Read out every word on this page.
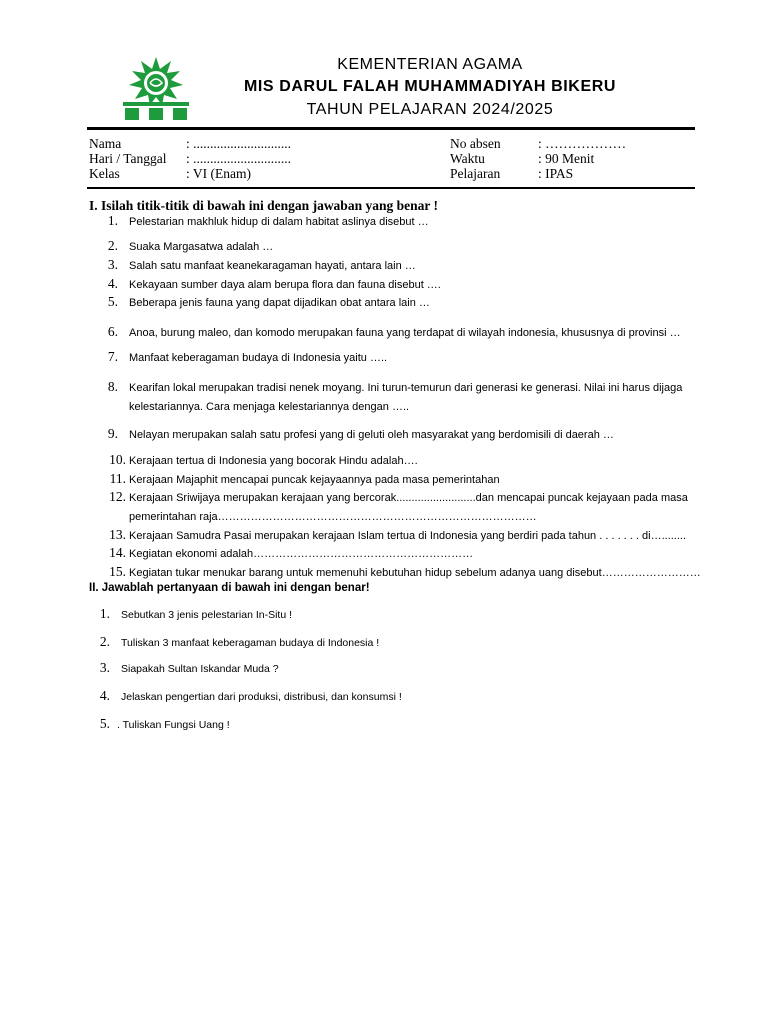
KEMENTERIAN AGAMA
MIS DARUL FALAH MUHAMMADIYAH BIKERU
TAHUN PELAJARAN 2024/2025
Nama	: .............................
Hari / Tanggal : .............................
Kelas	: VI (Enam)
No absen	: ………………
Waktu	: 90 Menit
Pelajaran	: IPAS
I. Isilah titik-titik di bawah ini dengan jawaban yang benar !
1. Pelestarian makhluk hidup di dalam habitat aslinya disebut …
2. Suaka Margasatwa adalah …
3. Salah satu manfaat keanekaragaman hayati, antara lain …
4. Kekayaan sumber daya alam berupa flora dan fauna disebut ….
5. Beberapa jenis fauna yang dapat dijadikan obat antara lain …
6. Anoa, burung maleo, dan komodo merupakan fauna yang terdapat di wilayah indonesia, khususnya di provinsi …
7. Manfaat keberagaman budaya di Indonesia yaitu …..
8. Kearifan lokal merupakan tradisi nenek moyang. Ini turun-temurun dari generasi ke generasi. Nilai ini harus dijaga kelestariannya. Cara menjaga kelestariannya dengan …..
9. Nelayan merupakan salah satu profesi yang di geluti oleh masyarakat yang berdomisili di daerah …
10. Kerajaan tertua di Indonesia yang bocorak Hindu adalah….
11. Kerajaan Majaphit mencapai puncak kejayaannya pada masa pemerintahan
12. Kerajaan Sriwijaya merupakan kerajaan yang bercorak..........................dan mencapai puncak kejayaan pada masa pemerintahan raja……………………………………………………………………………
13. Kerajaan Samudra Pasai merupakan kerajaan Islam tertua di Indonesia yang berdiri pada tahun . . . . . . . di…........
14. Kegiatan ekonomi adalah……………………………………………………
15. Kegiatan tukar menukar barang untuk memenuhi kebutuhan hidup sebelum adanya uang disebut………………………
II. Jawablah pertanyaan di bawah ini dengan benar!
1. Sebutkan 3 jenis pelestarian In-Situ !
2. Tuliskan 3 manfaat keberagaman budaya di Indonesia !
3. Siapakah Sultan Iskandar Muda ?
4. Jelaskan pengertian dari produksi, distribusi, dan konsumsi !
5. . Tuliskan Fungsi Uang !
